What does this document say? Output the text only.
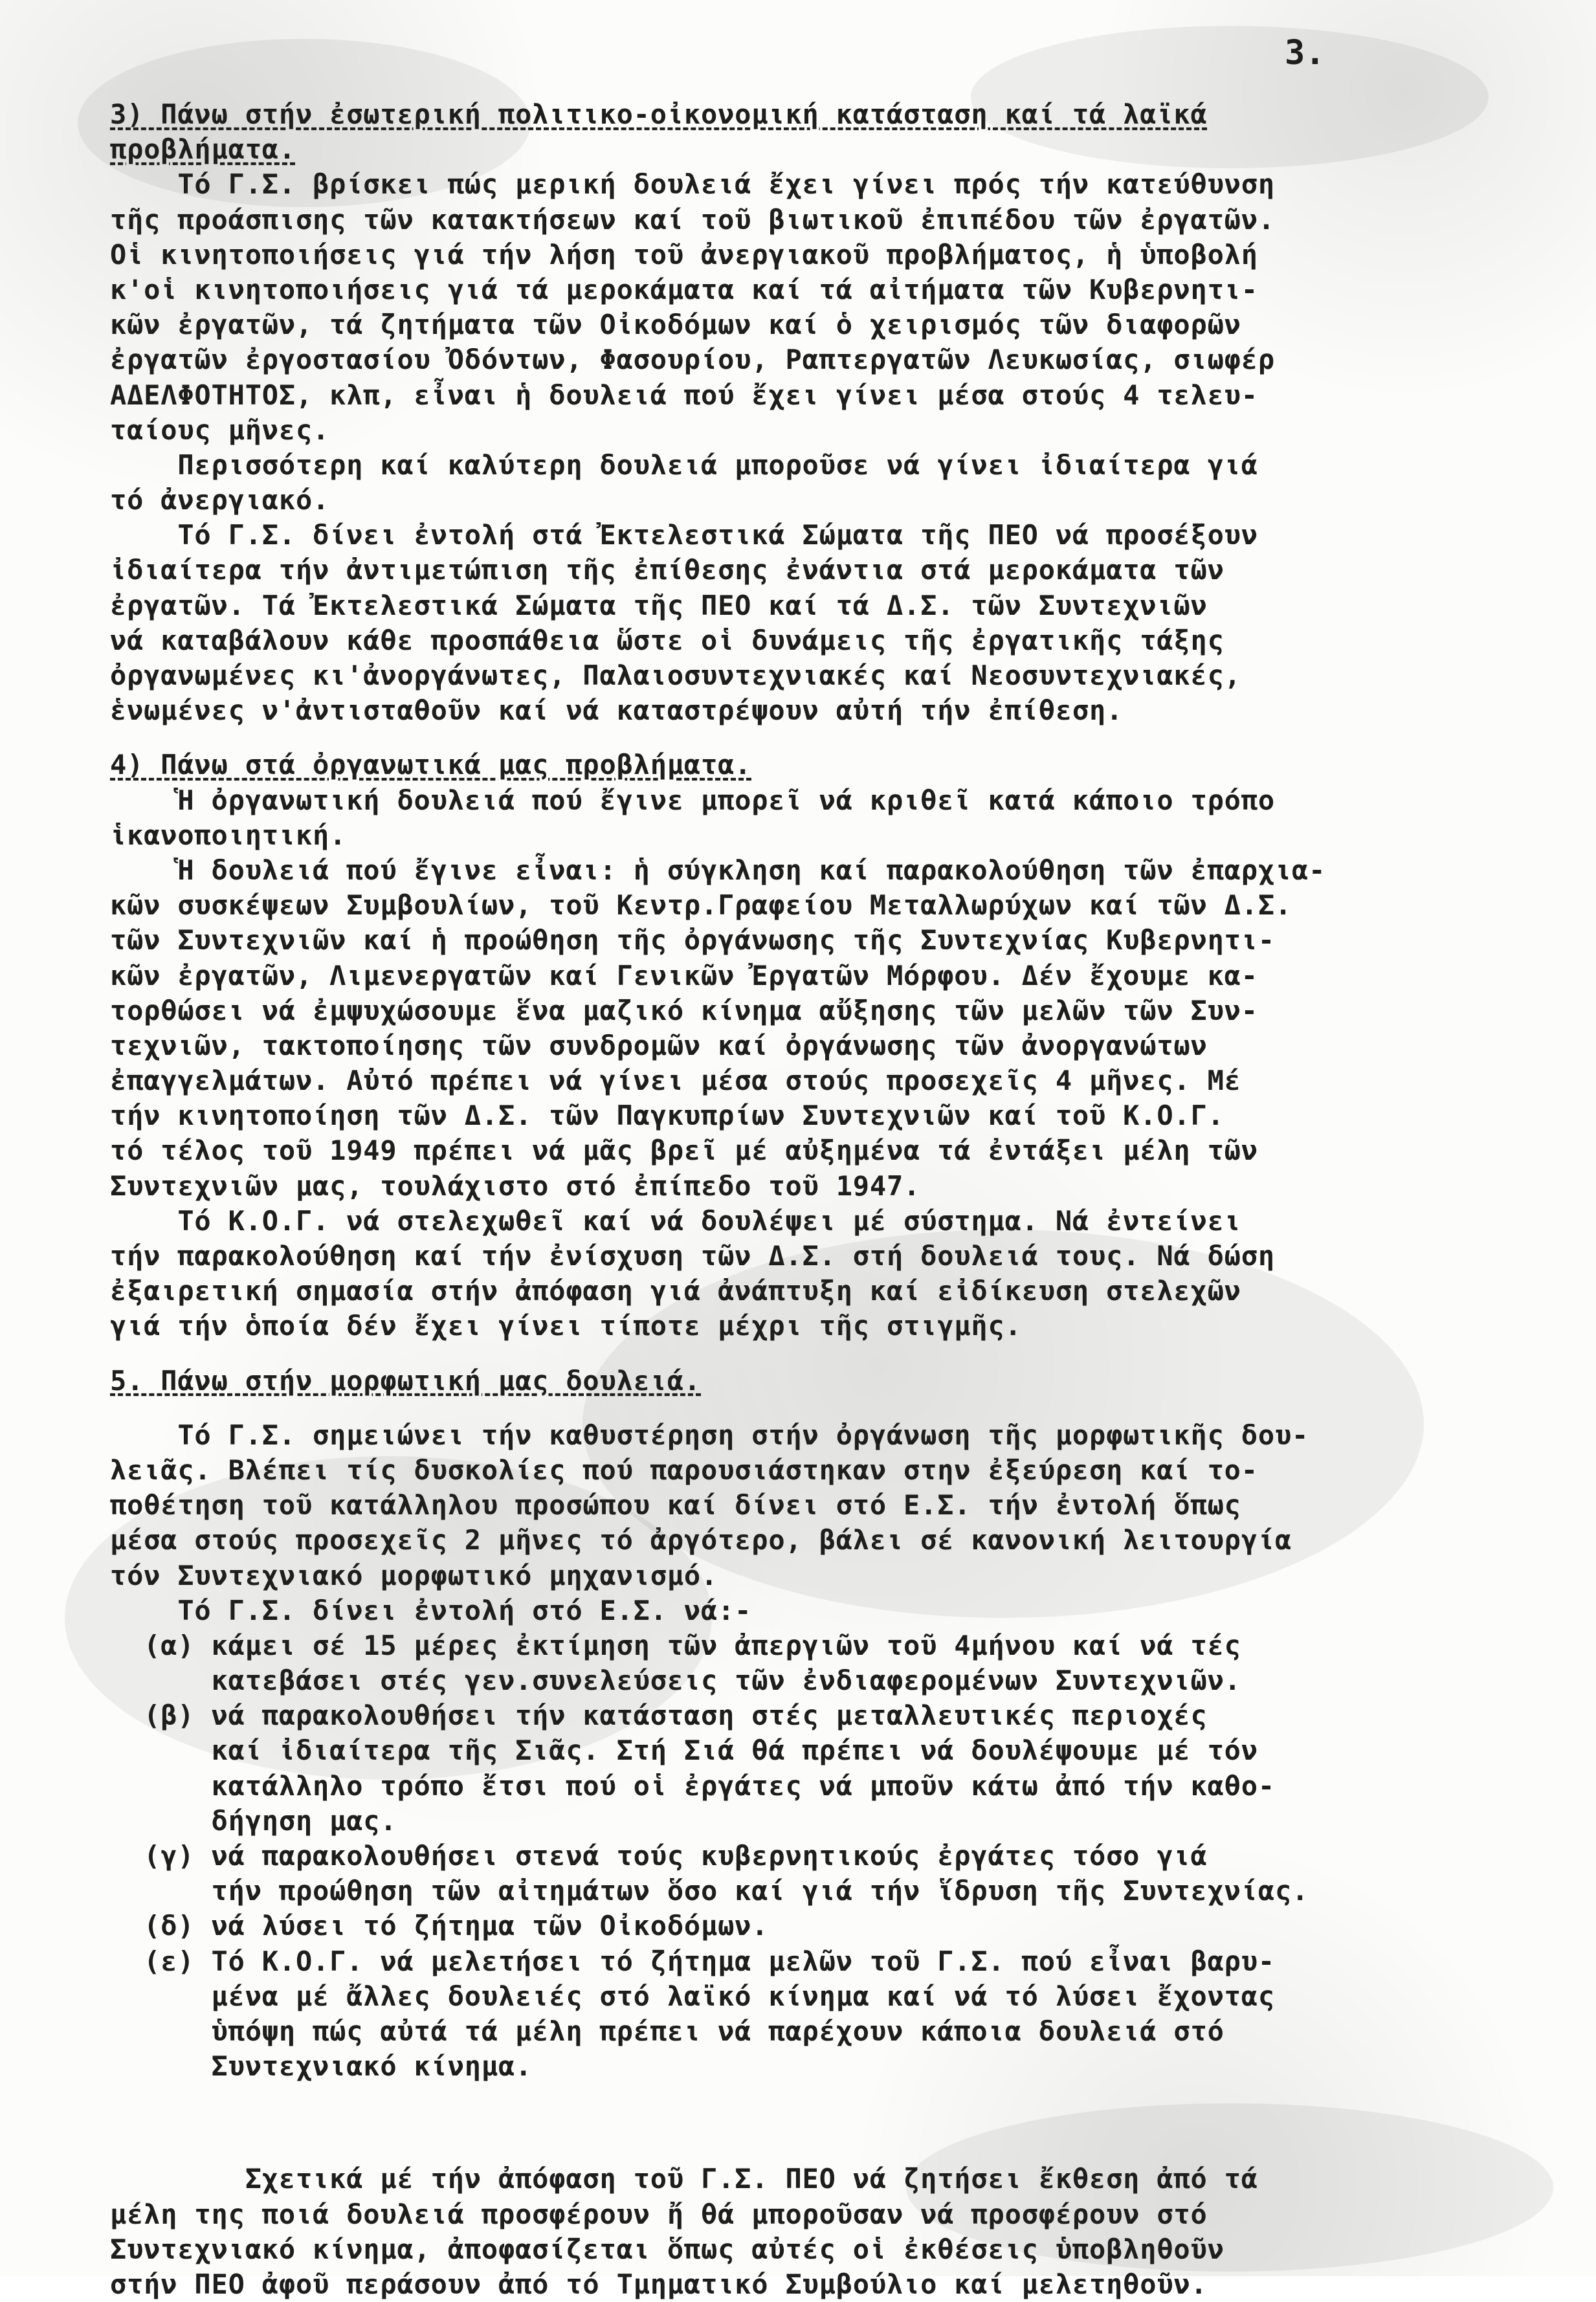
3.
3) Πάνω στήν ἐσωτερική πολιτικο-οἰκονομική κατάσταση καί τά λαϊκά
προβλήματα.
Τό Γ.Σ. βρίσκει πώς μερική δουλειά ἔχει γίνει πρός τήν κατεύθυνση
τῆς προάσπισης τῶν κατακτήσεων καί τοῦ βιωτικοῦ ἐπιπέδου τῶν ἐργατῶν.
Οἱ κινητοποιήσεις γιά τήν λήση τοῦ ἀνεργιακοῦ προβλήματος, ἡ ὑποβολή
κ'οἱ κινητοποιήσεις γιά τά μεροκάματα καί τά αἰτήματα τῶν Κυβερνητι-
κῶν ἐργατῶν, τά ζητήματα τῶν Οἰκοδόμων καί ὁ χειρισμός τῶν διαφορῶν
ἐργατῶν ἐργοστασίου Ὀδόντων, Φασουρίου, Ραπτεργατῶν Λευκωσίας, σιωφέρ
ΑΔΕΛΦΟΤΗΤΟΣ, κλπ, εἶναι ἡ δουλειά πού ἔχει γίνει μέσα στούς 4 τελευ-
ταίους μῆνες.
Περισσότερη καί καλύτερη δουλειά μποροῦσε νά γίνει ἰδιαίτερα γιά
τό ἀνεργιακό.
Τό Γ.Σ. δίνει ἐντολή στά Ἐκτελεστικά Σώματα τῆς ΠΕΟ νά προσέξουν
ἰδιαίτερα τήν ἀντιμετώπιση τῆς ἐπίθεσης ἐνάντια στά μεροκάματα τῶν
ἐργατῶν. Τά Ἐκτελεστικά Σώματα τῆς ΠΕΟ καί τά Δ.Σ. τῶν Συντεχνιῶν
νά καταβάλουν κάθε προσπάθεια ὥστε οἱ δυνάμεις τῆς ἐργατικῆς τάξης
ὀργανωμένες κι'ἀνοργάνωτες, Παλαιοσυντεχνιακές καί Νεοσυντεχνιακές,
ἑνωμένες ν'ἀντισταθοῦν καί νά καταστρέψουν αὐτή τήν ἐπίθεση.
4) Πάνω στά ὀργανωτικά μας προβλήματα.
Ἡ ὀργανωτική δουλειά πού ἔγινε μπορεῖ νά κριθεῖ κατά κάποιο τρόπο
ἱκανοποιητική.
Ἡ δουλειά πού ἔγινε εἶναι: ἡ σύγκληση καί παρακολούθηση τῶν ἐπαρχια-
κῶν συσκέψεων Συμβουλίων, τοῦ Κεντρ.Γραφείου Μεταλλωρύχων καί τῶν Δ.Σ.
τῶν Συντεχνιῶν καί ἡ προώθηση τῆς ὀργάνωσης τῆς Συντεχνίας Κυβερνητι-
κῶν ἐργατῶν, Λιμενεργατῶν καί Γενικῶν Ἐργατῶν Μόρφου. Δέν ἔχουμε κα-
τορθώσει νά ἐμψυχώσουμε ἕνα μαζικό κίνημα αὔξησης τῶν μελῶν τῶν Συν-
τεχνιῶν, τακτοποίησης τῶν συνδρομῶν καί ὀργάνωσης τῶν ἀνοργανώτων
ἐπαγγελμάτων. Αὐτό πρέπει νά γίνει μέσα στούς προσεχεῖς 4 μῆνες. Μέ
τήν κινητοποίηση τῶν Δ.Σ. τῶν Παγκυπρίων Συντεχνιῶν καί τοῦ Κ.Ο.Γ.
τό τέλος τοῦ 1949 πρέπει νά μᾶς βρεῖ μέ αὐξημένα τά ἐντάξει μέλη τῶν
Συντεχνιῶν μας, τουλάχιστο στό ἐπίπεδο τοῦ 1947.
Τό Κ.Ο.Γ. νά στελεχωθεῖ καί νά δουλέψει μέ σύστημα. Νά ἐντείνει
τήν παρακολούθηση καί τήν ἐνίσχυση τῶν Δ.Σ. στή δουλειά τους. Νά δώση
ἐξαιρετική σημασία στήν ἀπόφαση γιά ἀνάπτυξη καί εἰδίκευση στελεχῶν
γιά τήν ὁποία δέν ἔχει γίνει τίποτε μέχρι τῆς στιγμῆς.
5. Πάνω στήν μορφωτική μας δουλειά.
Τό Γ.Σ. σημειώνει τήν καθυστέρηση στήν ὀργάνωση τῆς μορφωτικῆς δου-
λειᾶς. Βλέπει τίς δυσκολίες πού παρουσιάστηκαν στην ἐξεύρεση καί το-
ποθέτηση τοῦ κατάλληλου προσώπου καί δίνει στό Ε.Σ. τήν ἐντολή ὅπως
μέσα στούς προσεχεῖς 2 μῆνες τό ἀργότερο, βάλει σέ κανονική λειτουργία
τόν Συντεχνιακό μορφωτικό μηχανισμό.
Τό Γ.Σ. δίνει ἐντολή στό Ε.Σ. νά:-
(α) κάμει σέ 15 μέρες ἐκτίμηση τῶν ἀπεργιῶν τοῦ 4μήνου καί νά τές
κατεβάσει στές γεν.συνελεύσεις τῶν ἐνδιαφερομένων Συντεχνιῶν.
(β) νά παρακολουθήσει τήν κατάσταση στές μεταλλευτικές περιοχές
καί ἰδιαίτερα τῆς Σιᾶς. Στή Σιά θά πρέπει νά δουλέψουμε μέ τόν
κατάλληλο τρόπο ἔτσι πού οἱ ἐργάτες νά μποῦν κάτω ἀπό τήν καθο-
δήγηση μας.
(γ) νά παρακολουθήσει στενά τούς κυβερνητικούς ἐργάτες τόσο γιά
τήν προώθηση τῶν αἰτημάτων ὅσο καί γιά τήν ἵδρυση τῆς Συντεχνίας.
(δ) νά λύσει τό ζήτημα τῶν Οἰκοδόμων.
(ε) Τό Κ.Ο.Γ. νά μελετήσει τό ζήτημα μελῶν τοῦ Γ.Σ. πού εἶναι βαρυ-
μένα μέ ἄλλες δουλειές στό λαϊκό κίνημα καί νά τό λύσει ἔχοντας
ὑπόψη πώς αὐτά τά μέλη πρέπει νά παρέχουν κάποια δουλειά στό
Συντεχνιακό κίνημα.
Σχετικά μέ τήν ἀπόφαση τοῦ Γ.Σ. ΠΕΟ νά ζητήσει ἔκθεση ἀπό τά
μέλη της ποιά δουλειά προσφέρουν ἤ θά μποροῦσαν νά προσφέρουν στό
Συντεχνιακό κίνημα, ἀποφασίζεται ὅπως αὐτές οἱ ἐκθέσεις ὑποβληθοῦν
στήν ΠΕΟ ἀφοῦ περάσουν ἀπό τό Τμηματικό Συμβούλιο καί μελετηθοῦν.
